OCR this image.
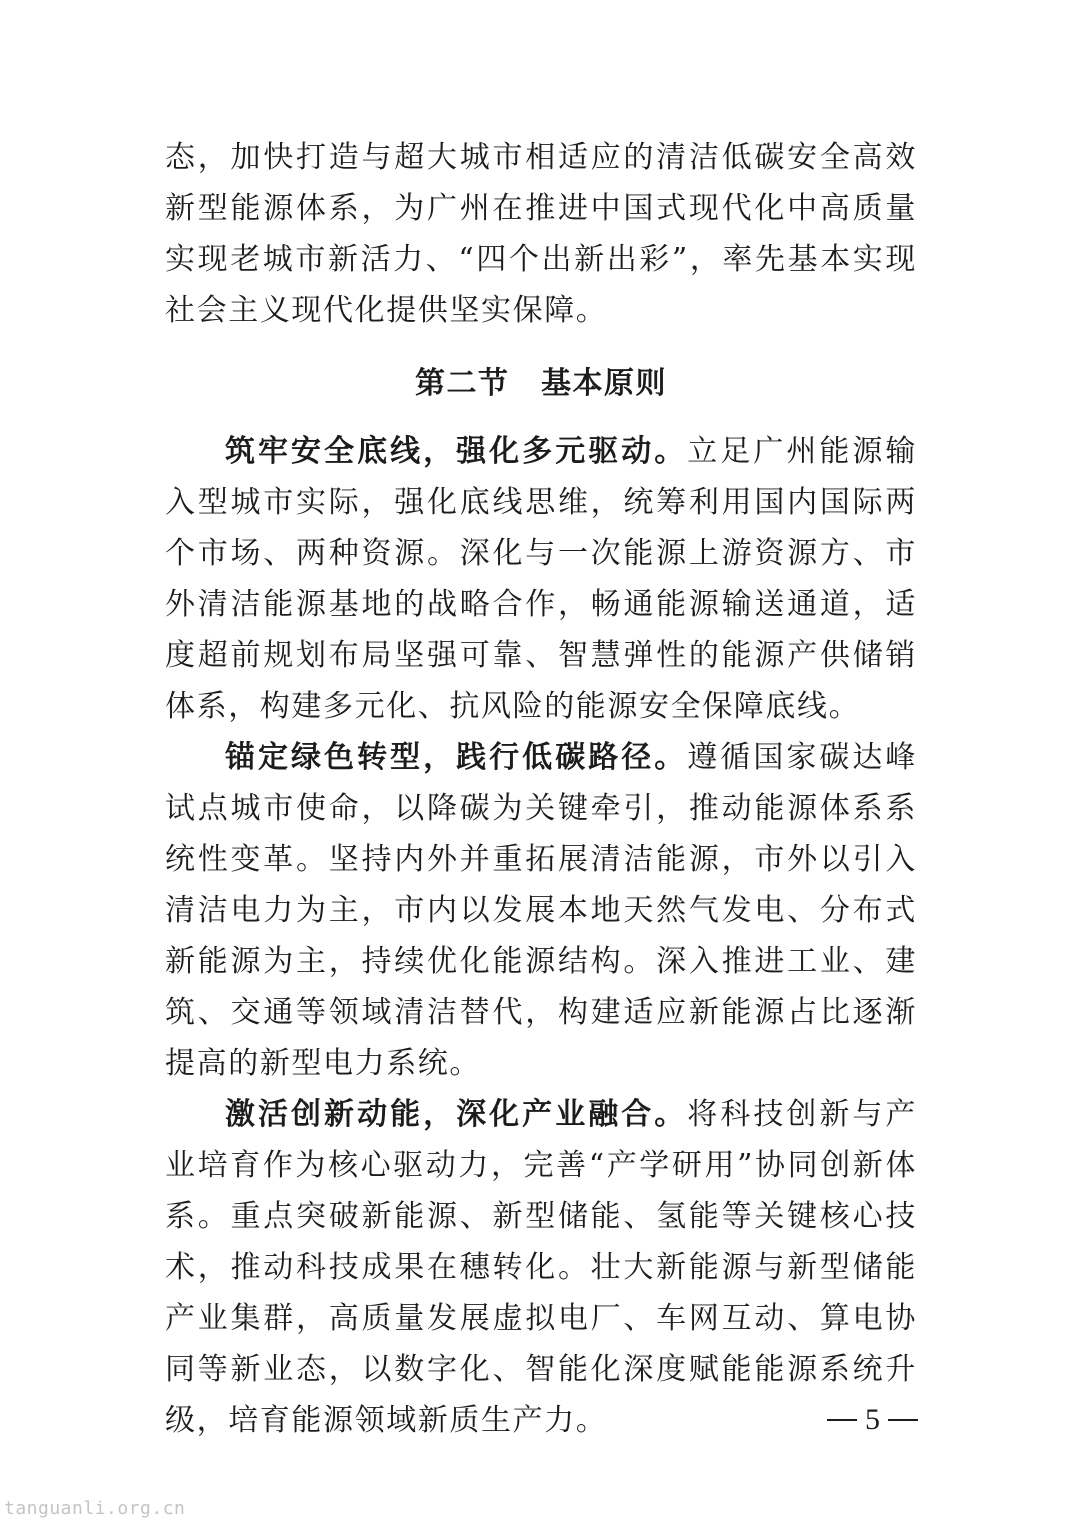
态，加快打造与超大城市相适应的清洁低碳安全高效新型能源体系，为广州在推进中国式现代化中高质量实现老城市新活力、“四个出新出彩”，率先基本实现社会主义现代化提供坚实保障。

第二节　基本原则

筑牢安全底线，强化多元驱动。立足广州能源输入型城市实际，强化底线思维，统筹利用国内国际两个市场、两种资源。深化与一次能源上游资源方、市外清洁能源基地的战略合作，畅通能源输送通道，适度超前规划布局坚强可靠、智慧弹性的能源产供储销体系，构建多元化、抗风险的能源安全保障底线。

锚定绿色转型，践行低碳路径。遵循国家碳达峰试点城市使命，以降碳为关键牵引，推动能源体系系统性变革。坚持内外并重拓展清洁能源，市外以引入清洁电力为主，市内以发展本地天然气发电、分布式新能源为主，持续优化能源结构。深入推进工业、建筑、交通等领域清洁替代，构建适应新能源占比逐渐提高的新型电力系统。

激活创新动能，深化产业融合。将科技创新与产业培育作为核心驱动力，完善“产学研用”协同创新体系。重点突破新能源、新型储能、氢能等关键核心技术，推动科技成果在穗转化。壮大新能源与新型储能产业集群，高质量发展虚拟电厂、车网互动、算电协同等新业态，以数字化、智能化深度赋能能源系统升级，培育能源领域新质生产力。	5
tanguanli.org.cn
